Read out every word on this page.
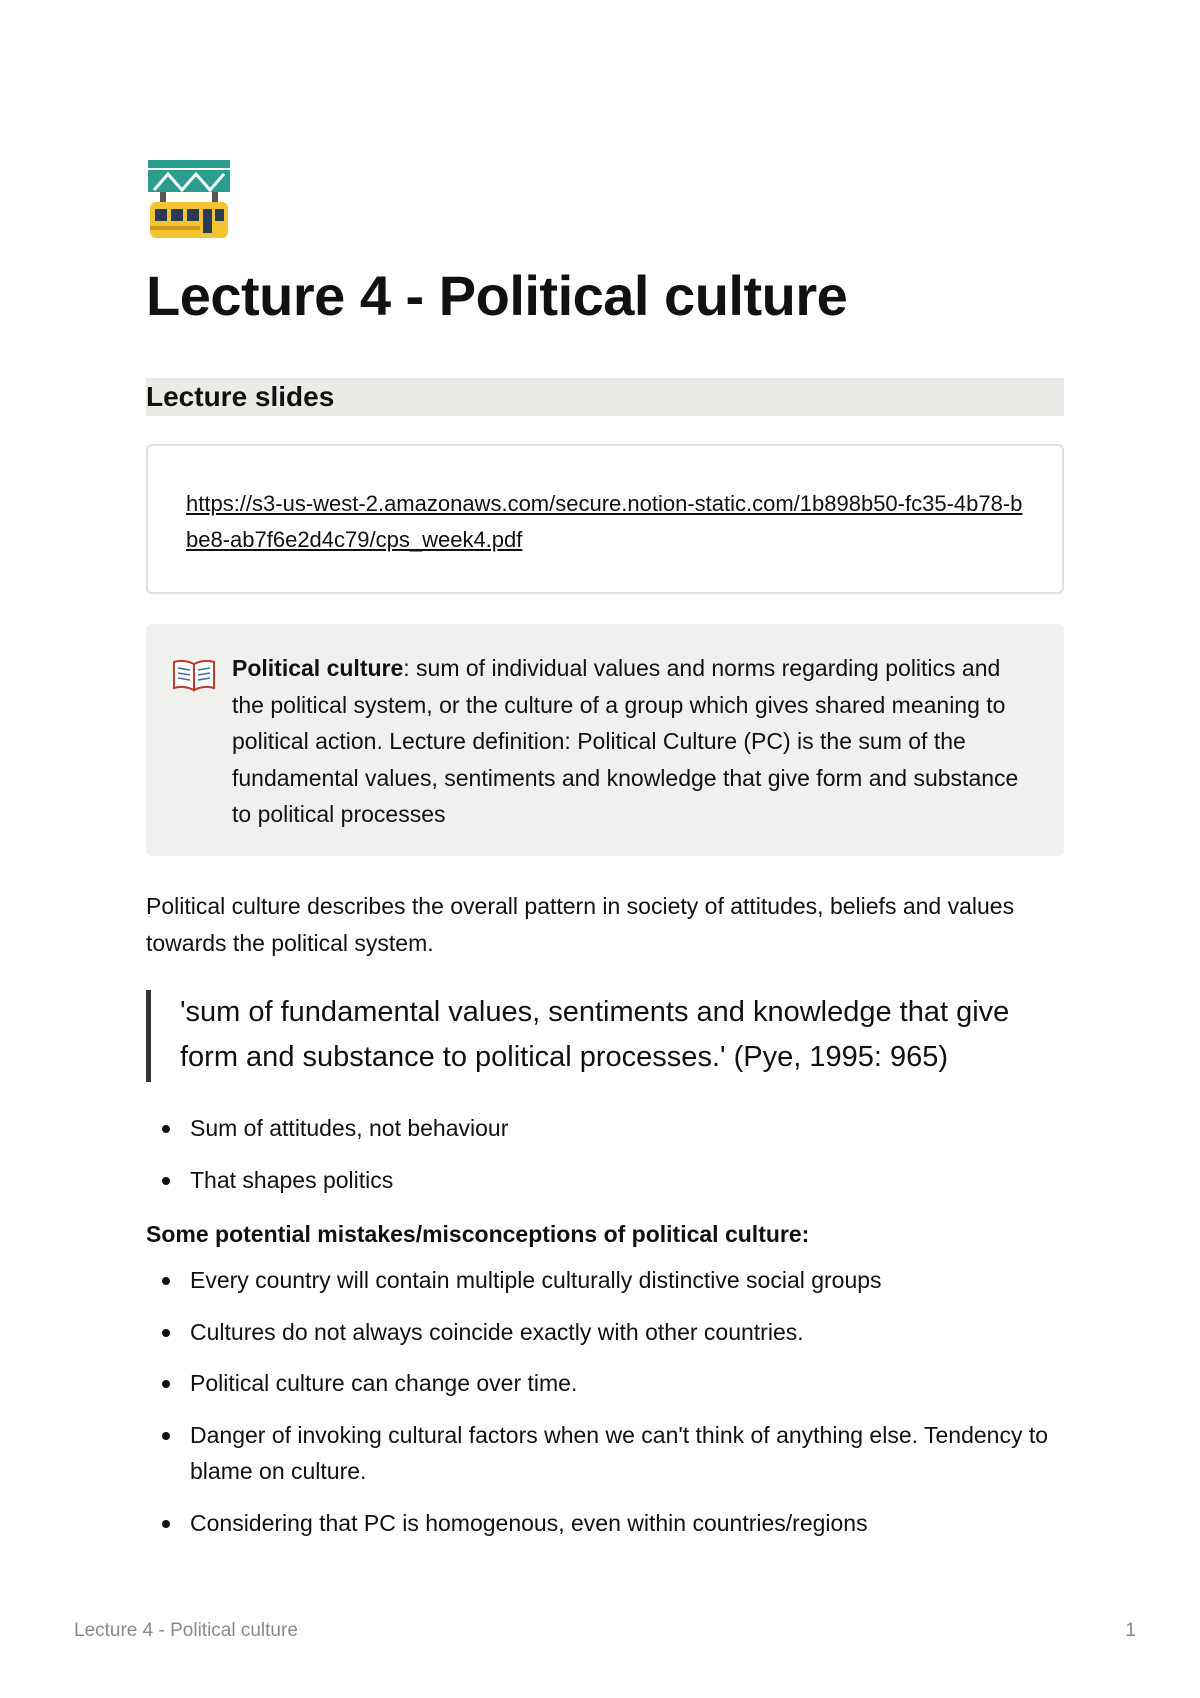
Lecture 4 - Political culture
Lecture slides
https://s3-us-west-2.amazonaws.com/secure.notion-static.com/1b898b50-fc35-4b78-bbe8-ab7f6e2d4c79/cps_week4.pdf

Political culture: sum of individual values and norms regarding politics and the political system, or the culture of a group which gives shared meaning to political action. Lecture definition: Political Culture (PC) is the sum of the fundamental values, sentiments and knowledge that give form and substance to political processes

Political culture describes the overall pattern in society of attitudes, beliefs and values towards the political system.

'sum of fundamental values, sentiments and knowledge that give form and substance to political processes.' (Pye, 1995: 965)

Sum of attitudes, not behaviour
That shapes politics

Some potential mistakes/misconceptions of political culture:

Every country will contain multiple culturally distinctive social groups
Cultures do not always coincide exactly with other countries.
Political culture can change over time.
Danger of invoking cultural factors when we can't think of anything else. Tendency to blame on culture.
Considering that PC is homogenous, even within countries/regions
Lecture 4 - Political culture	1
